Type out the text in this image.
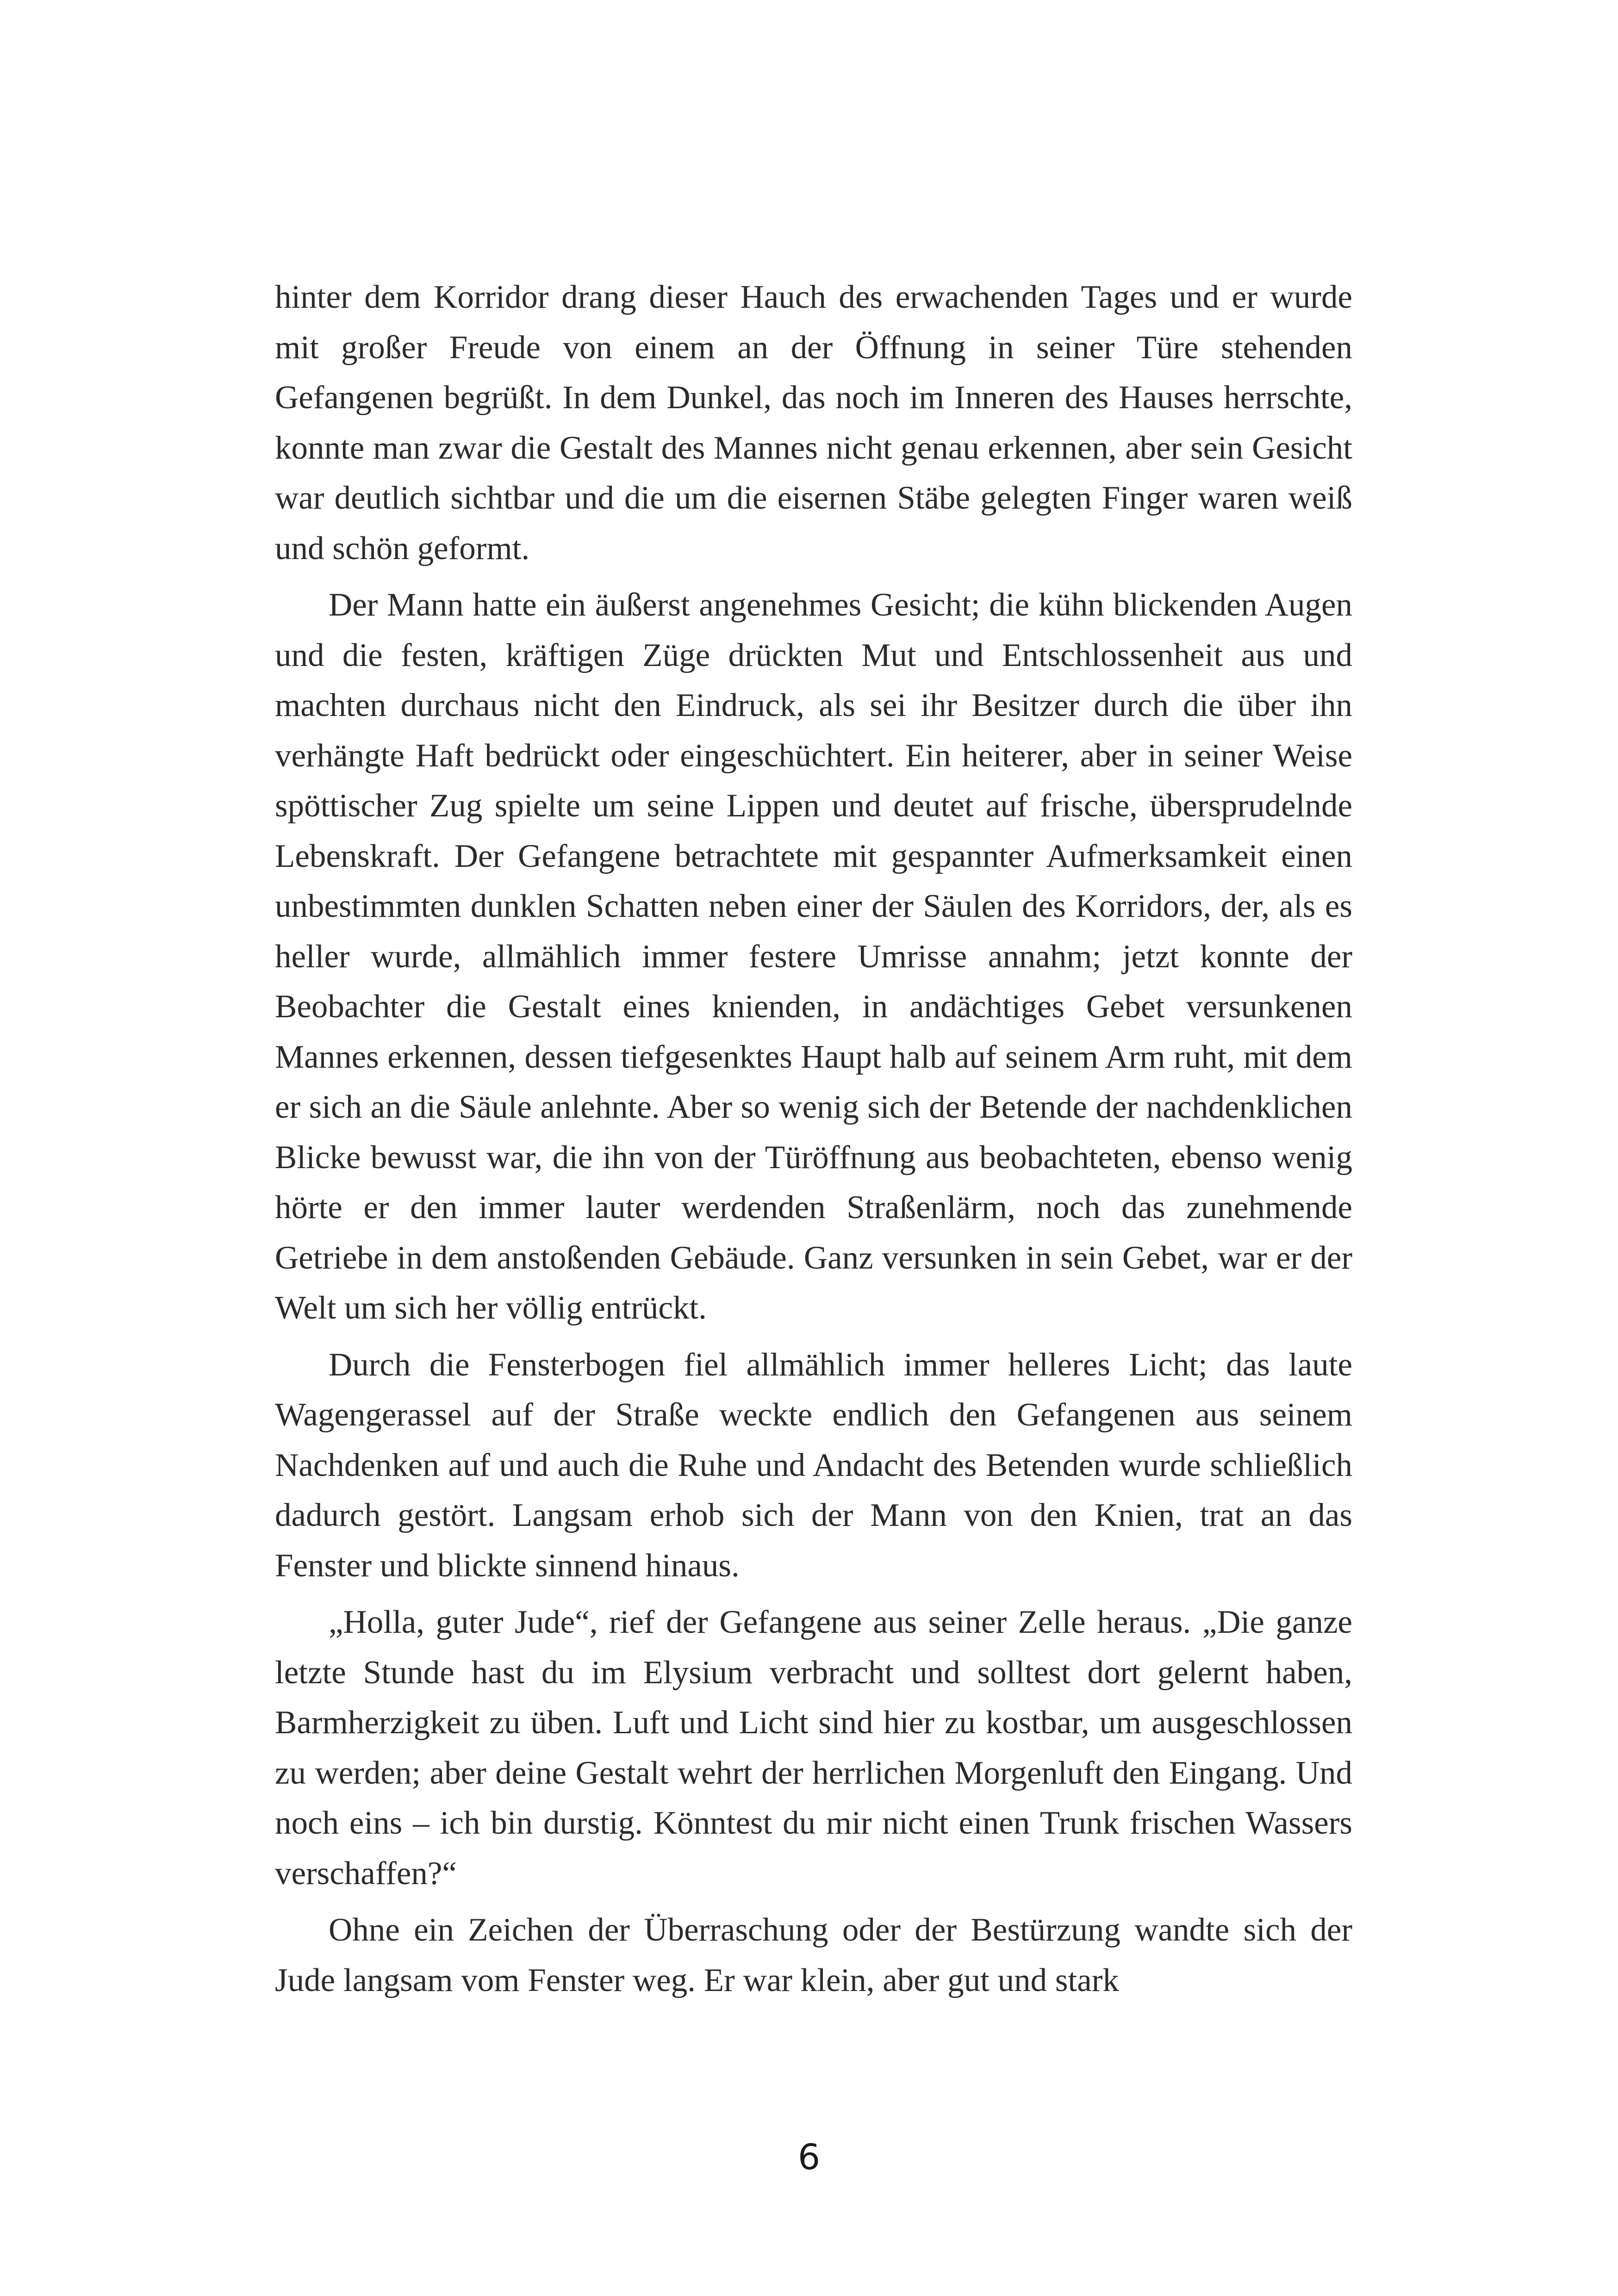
hinter dem Korridor drang dieser Hauch des erwachenden Tages und er wurde mit großer Freude von einem an der Öffnung in seiner Türe stehenden Gefangenen begrüßt. In dem Dunkel, das noch im Inneren des Hauses herrschte, konnte man zwar die Gestalt des Mannes nicht genau erkennen, aber sein Gesicht war deutlich sichtbar und die um die eisernen Stäbe gelegten Finger waren weiß und schön geformt.

Der Mann hatte ein äußerst angenehmes Gesicht; die kühn blickenden Augen und die festen, kräftigen Züge drückten Mut und Entschlossenheit aus und machten durchaus nicht den Eindruck, als sei ihr Besitzer durch die über ihn verhängte Haft bedrückt oder eingeschüchtert. Ein heiterer, aber in seiner Weise spöttischer Zug spielte um seine Lippen und deutet auf frische, übersprudelnde Lebenskraft. Der Gefangene betrachtete mit gespannter Aufmerksamkeit einen unbestimmten dunklen Schatten neben einer der Säulen des Korridors, der, als es heller wurde, allmählich immer festere Umrisse annahm; jetzt konnte der Beobachter die Gestalt eines knienden, in andächtiges Gebet versunkenen Mannes erkennen, dessen tiefgesenktes Haupt halb auf seinem Arm ruht, mit dem er sich an die Säule anlehnte. Aber so wenig sich der Betende der nachdenklichen Blicke bewusst war, die ihn von der Türöffnung aus beobachteten, ebenso wenig hörte er den immer lauter werdenden Straßenlärm, noch das zunehmende Getriebe in dem anstoßenden Gebäude. Ganz versunken in sein Gebet, war er der Welt um sich her völlig entrückt.

Durch die Fensterbogen fiel allmählich immer helleres Licht; das laute Wagengerassel auf der Straße weckte endlich den Gefangenen aus seinem Nachdenken auf und auch die Ruhe und Andacht des Betenden wurde schließlich dadurch gestört. Langsam erhob sich der Mann von den Knien, trat an das Fenster und blickte sinnend hinaus.

„Holla, guter Jude“, rief der Gefangene aus seiner Zelle heraus. „Die ganze letzte Stunde hast du im Elysium verbracht und solltest dort gelernt haben, Barmherzigkeit zu üben. Luft und Licht sind hier zu kostbar, um ausgeschlossen zu werden; aber deine Gestalt wehrt der herrlichen Morgenluft den Eingang. Und noch eins – ich bin durstig. Könntest du mir nicht einen Trunk frischen Wassers verschaffen?“

Ohne ein Zeichen der Überraschung oder der Bestürzung wandte sich der Jude langsam vom Fenster weg. Er war klein, aber gut und stark

6
